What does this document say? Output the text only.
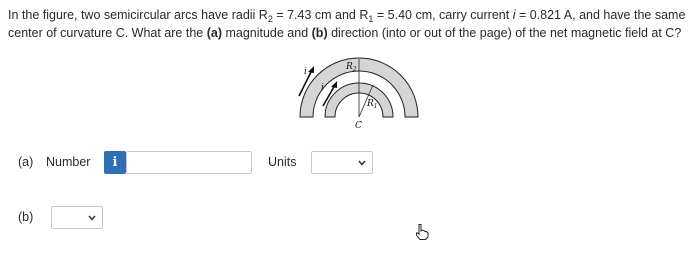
In the figure, two semicircular arcs have radii $R_2 = 7.43$ cm and $R_1 = 5.40$ cm, carry current i = 0.821 A, and have the same center of curvature C. What are the (a) magnitude and (b) direction (into or out of the page) of the net magnetic field at C?
$R_2$
$R_1$
i
i
C
(a) Number i	Units
(b)
